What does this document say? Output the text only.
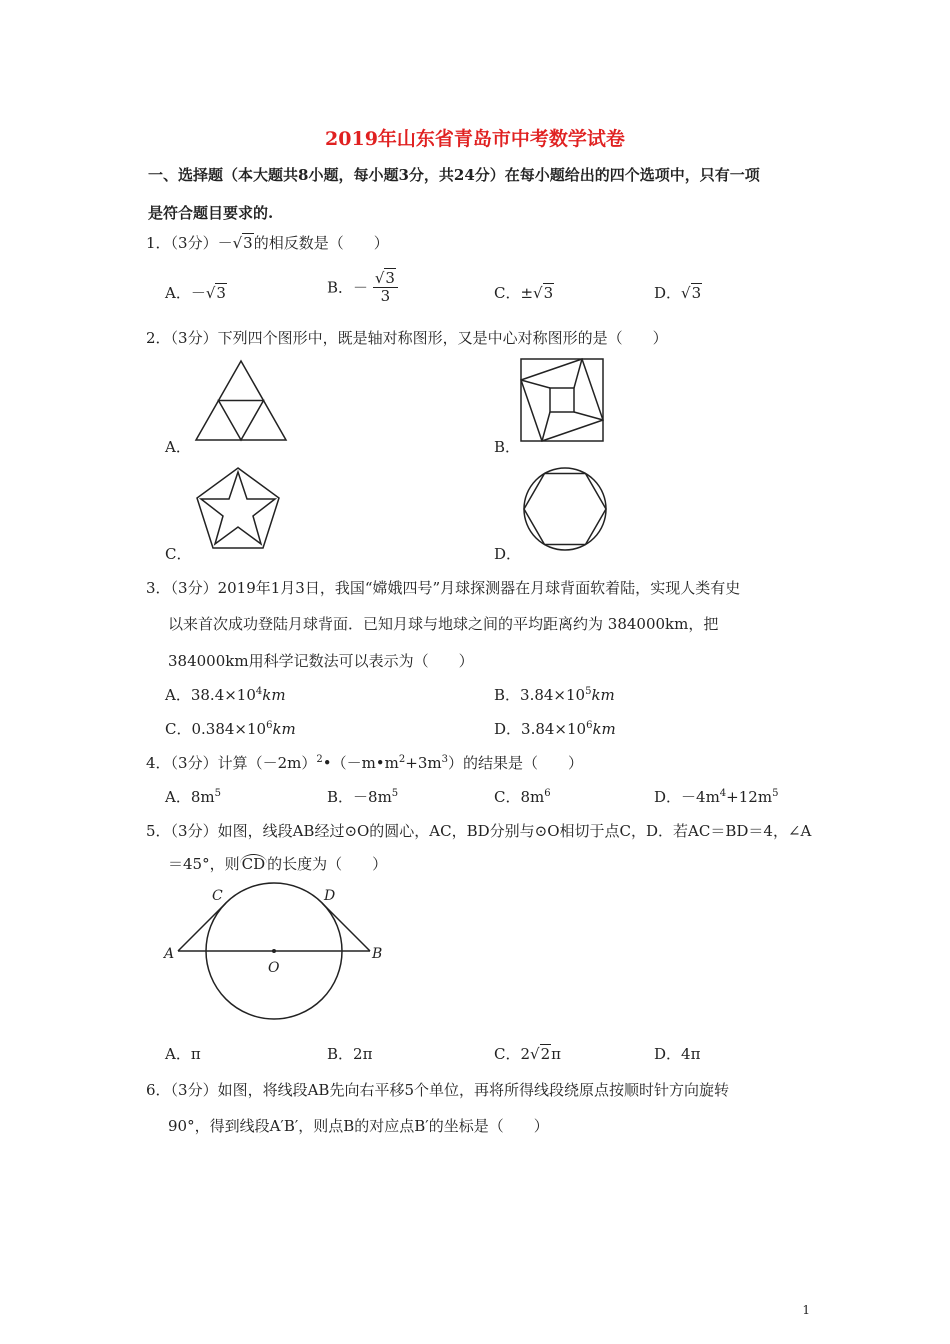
2019年山东省青岛市中考数学试卷
一、选择题（本大题共8小题，每小题3分，共24分）在每小题给出的四个选项中，只有一项
是符合题目要求的.
1．（3分）－√3的相反数是（　　）
A．－√3	B．－ $\frac{√3}{3}$	C．±√3	D．√3
2．（3分）下列四个图形中，既是轴对称图形，又是中心对称图形的是（　　）
A．	B．
C．	D．
3．（3分）2019年1月3日，我国“嫦娥四号”月球探测器在月球背面软着陆，实现人类有史
以来首次成功登陆月球背面．已知月球与地球之间的平均距离约为 384000km，把
384000km用科学记数法可以表示为（　　）
A．$38.4\times 10^4km$	B．$3.84\times 10^5km$
C．$0.384\times 10^6km$	D．$3.84\times 10^6km$
4．（3分）计算$(-2m)^2•(-m•m^2+3m^3)$的结果是（　　）
A．$8m^5$	B．$-8m^5$	C．$8m^6$	D．$-4m^4+12m^5$
5．（3分）如图，线段AB经过⊙O的圆心，AC，BD分别与⊙O相切于点C，D．若AC＝BD＝4，∠A
＝45°，则 CD 的长度为（　　）
A	B
C	D
O
A．π	B．2π	C．2√2π	D．4π
6．（3分）如图，将线段AB先向右平移5个单位，再将所得线段绕原点按顺时针方向旋转
90°，得到线段A′B′，则点B的对应点B′的坐标是（　　）
1
